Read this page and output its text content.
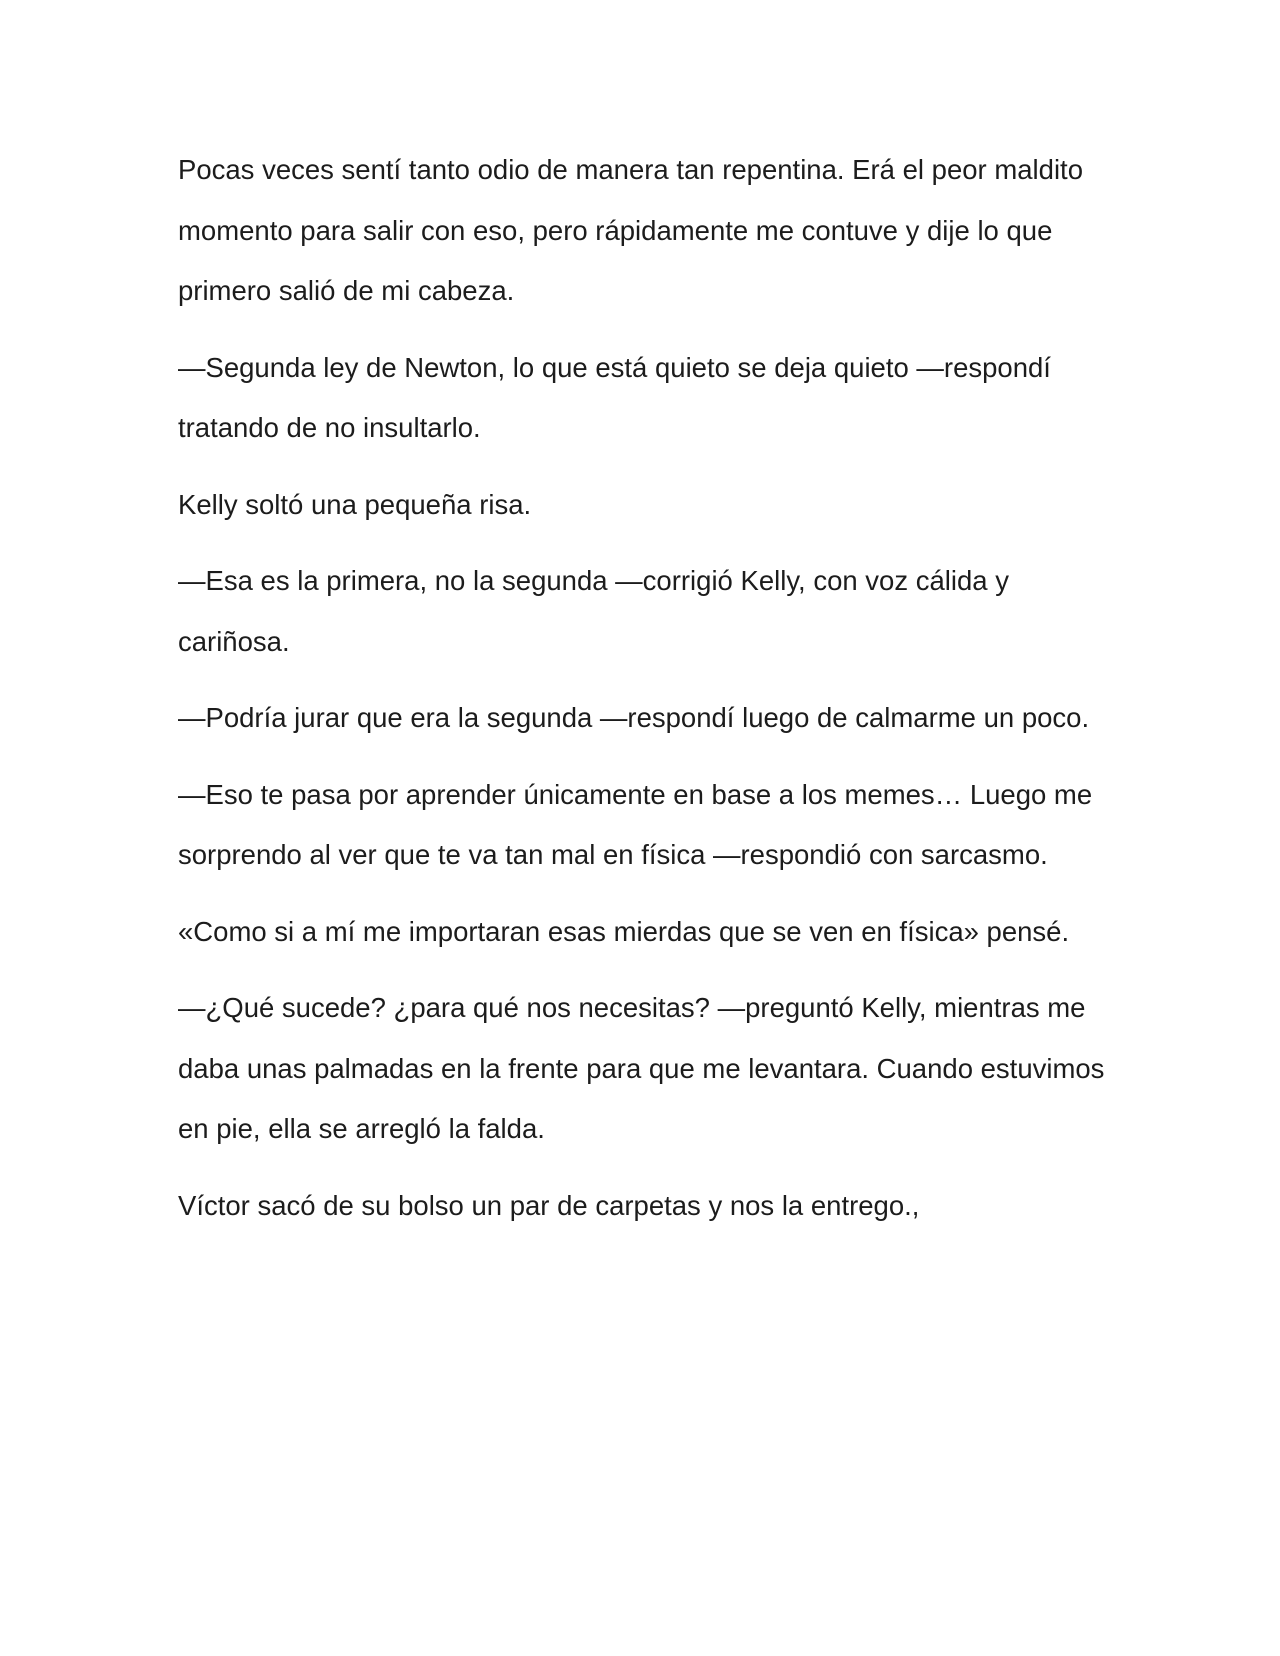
Pocas veces sentí tanto odio de manera tan repentina. Erá el peor maldito momento para salir con eso, pero rápidamente me contuve y dije lo que primero salió de mi cabeza.

—Segunda ley de Newton, lo que está quieto se deja quieto —respondí tratando de no insultarlo.

Kelly soltó una pequeña risa.

—Esa es la primera, no la segunda —corrigió Kelly, con voz cálida y cariñosa.

—Podría jurar que era la segunda —respondí luego de calmarme un poco.

—Eso te pasa por aprender únicamente en base a los memes… Luego me sorprendo al ver que te va tan mal en física —respondió con sarcasmo.

«Como si a mí me importaran esas mierdas que se ven en física» pensé.

—¿Qué sucede? ¿para qué nos necesitas? —preguntó Kelly, mientras me daba unas palmadas en la frente para que me levantara. Cuando estuvimos en pie, ella se arregló la falda.

Víctor sacó de su bolso un par de carpetas y nos la entrego.,
